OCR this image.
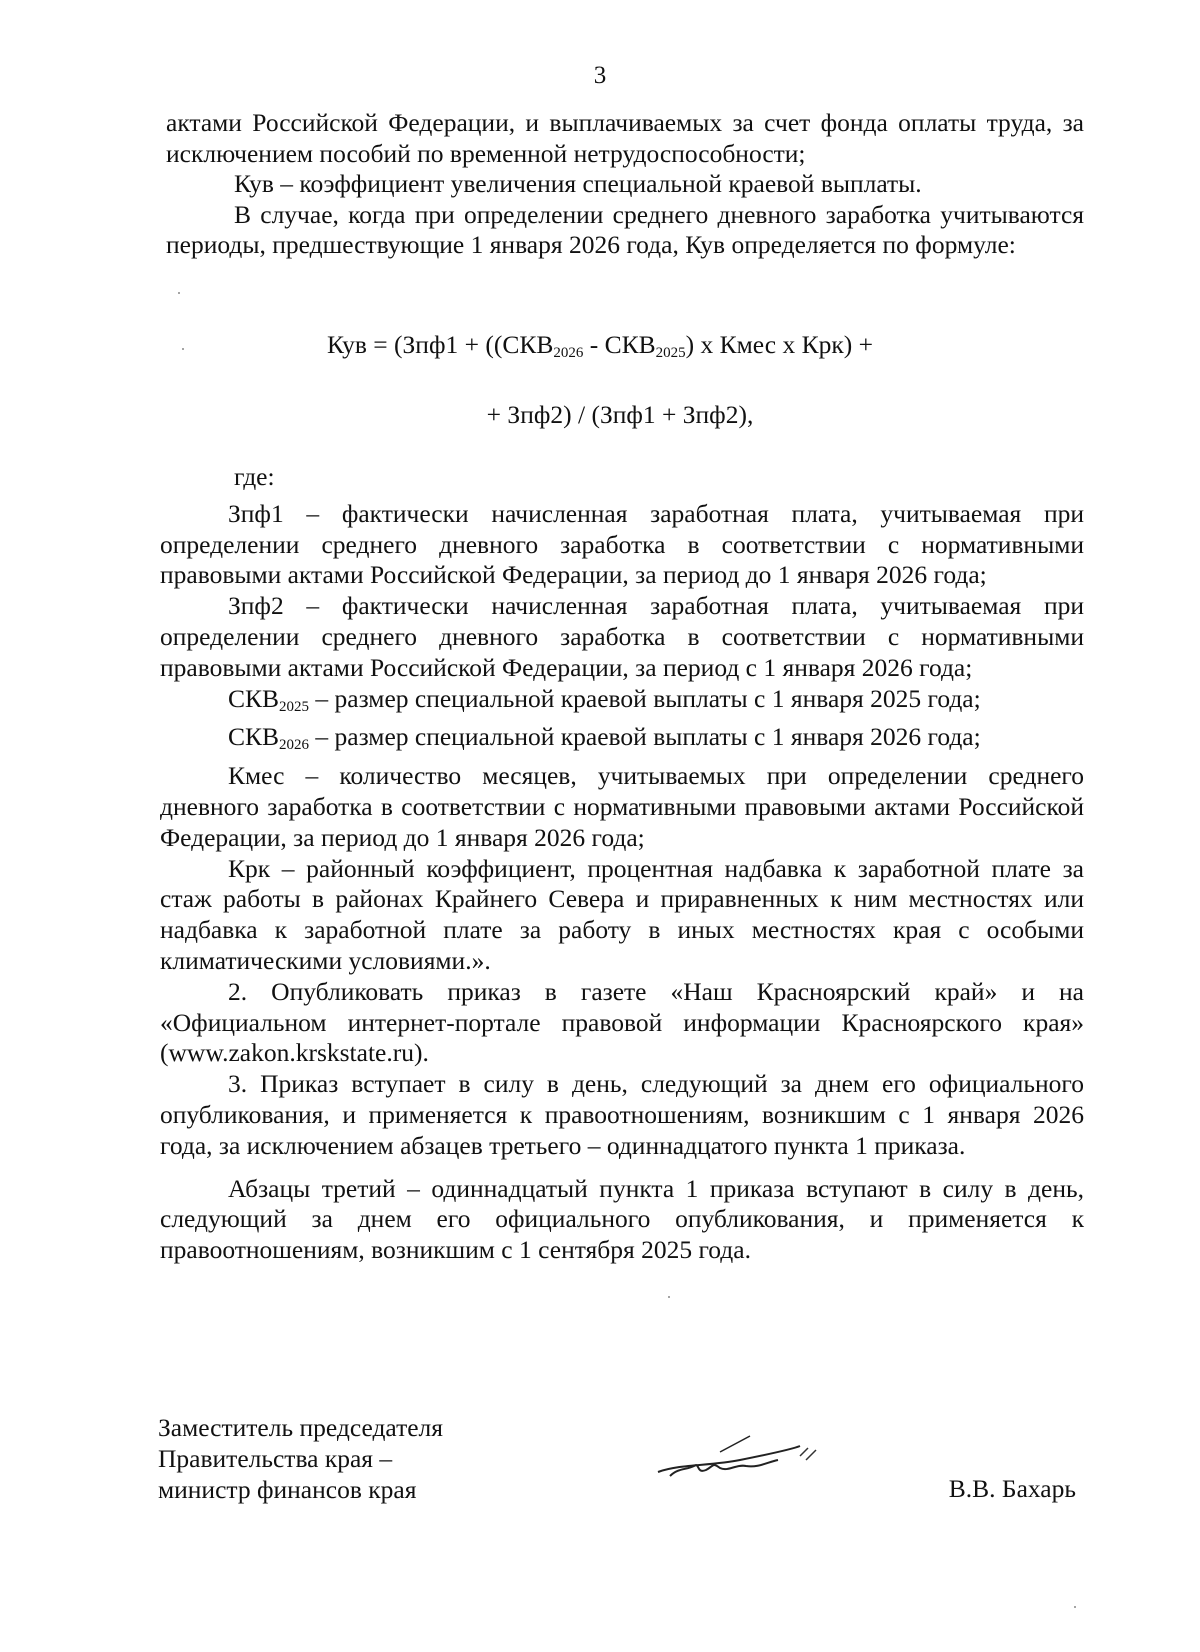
3

актами Российской Федерации, и выплачиваемых за счет фонда оплаты труда, за исключением пособий по временной нетрудоспособности;

Кув – коэффициент увеличения специальной краевой выплаты.

В случае, когда при определении среднего дневного заработка учитываются периоды, предшествующие 1 января 2026 года, Кув определяется по формуле:

Кув = ($Зпф1 + ((СКВ_{2026} - СКВ_{2025})$ х Кмес х Крк) +
+ Зпф2) / (Зпф1 + Зпф2),

где:

Зпф1 – фактически начисленная заработная плата, учитываемая при определении среднего дневного заработка в соответствии с нормативными правовыми актами Российской Федерации, за период до 1 января 2026 года;

Зпф2 – фактически начисленная заработная плата, учитываемая при определении среднего дневного заработка в соответствии с нормативными правовыми актами Российской Федерации, за период с 1 января 2026 года;

$СКВ_{2025}$ – размер специальной краевой выплаты с 1 января 2025 года;

$СКВ_{2026}$ – размер специальной краевой выплаты с 1 января 2026 года;

Кмес – количество месяцев, учитываемых при определении среднего дневного заработка в соответствии с нормативными правовыми актами Российской Федерации, за период до 1 января 2026 года;

Крк – районный коэффициент, процентная надбавка к заработной плате за стаж работы в районах Крайнего Севера и приравненных к ним местностях или надбавка к заработной плате за работу в иных местностях края с особыми климатическими условиями.».

2. Опубликовать приказ в газете «Наш Красноярский край» и на «Официальном интернет-портале правовой информации Красноярского края» (www.zakon.krskstate.ru).

3. Приказ вступает в силу в день, следующий за днем его официального опубликования, и применяется к правоотношениям, возникшим с 1 января 2026 года, за исключением абзацев третьего – одиннадцатого пункта 1 приказа.

Абзацы третий – одиннадцатый пункта 1 приказа вступают в силу в день, следующий за днем его официального опубликования, и применяется к правоотношениям, возникшим с 1 сентября 2025 года.

Заместитель председателя
Правительства края –
министр финансов края	В.В. Бахарь
